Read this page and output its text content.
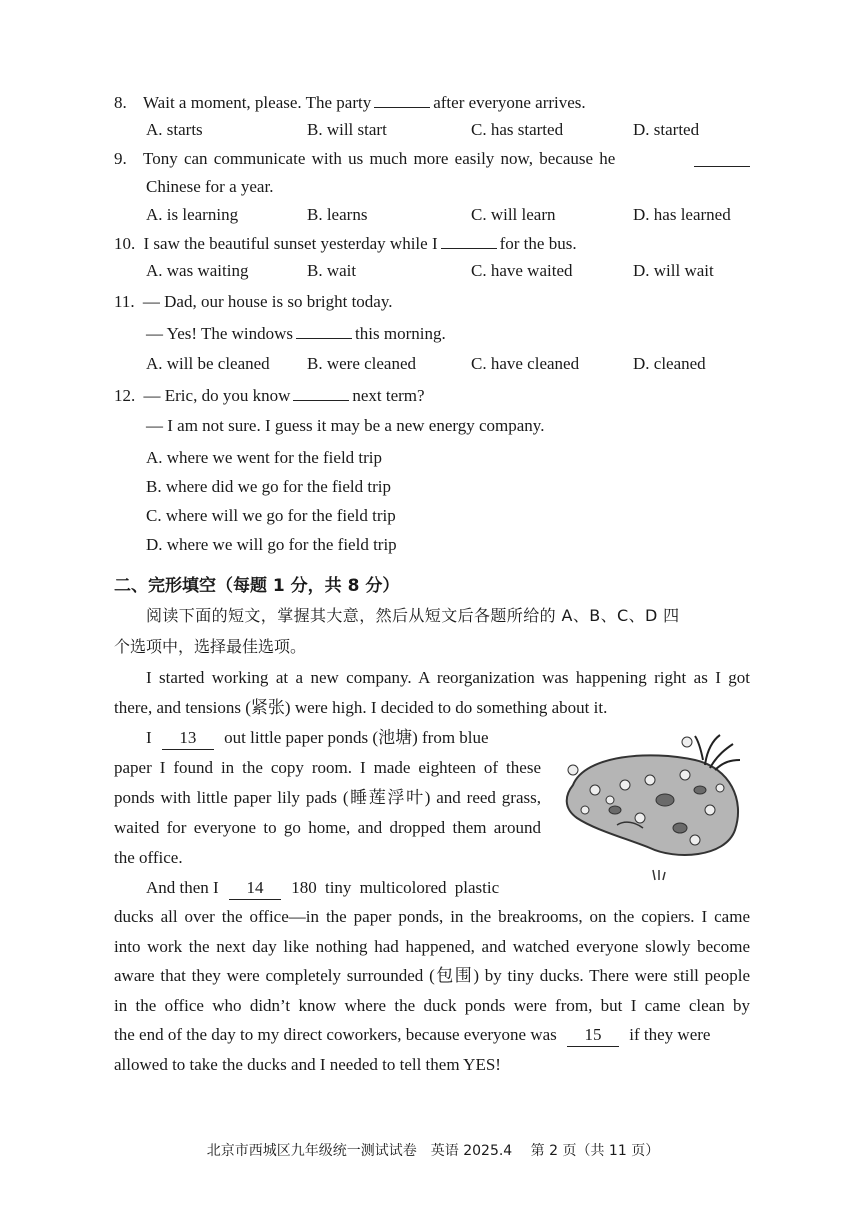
8. Wait a moment, please. The party	after everyone arrives.
A. starts	B. will start	C. has started	D. started
9. Tony can communicate with us much more easily now, because he
Chinese for a year.
A. is learning	B. learns	C. will learn	D. has learned
10. I saw the beautiful sunset yesterday while I	for the bus.
A. was waiting	B. wait	C. have waited	D. will wait
11. — Dad, our house is so bright today.
— Yes! The windows	this morning.
A. will be cleaned B. were cleaned	C. have cleaned	D. cleaned
12. — Eric, do you know	next term?
— I am not sure. I guess it may be a new energy company.
A. where we went for the field trip
B. where did we go for the field trip
C. where will we go for the field trip
D. where we will go for the field trip
二、完形填空（每题 1 分，共 8 分）
阅读下面的短文，掌握其大意，然后从短文后各题所给的 A、B、C、D 四
个选项中，选择最佳选项。
I started working at a new company. A reorganization was happening right as I got
there, and tensions (紧张) were high. I decided to do something about it.
I 13 out little paper ponds (池塘) from blue
paper I found in the copy room. I made eighteen of these
ponds with little paper lily pads (睡莲浮叶) and reed grass,
waited for everyone to go home, and dropped them around
the office.
And then I 14 180 tiny multicolored plastic
ducks all over the office—in the paper ponds, in the breakrooms, on the copiers. I came
into work the next day like nothing had happened, and watched everyone slowly become
aware that they were completely surrounded (包围) by tiny ducks. There were still people
in the office who didn’t know where the duck ponds were from, but I came clean by
the end of the day to my direct coworkers, because everyone was 15 if they were
allowed to take the ducks and I needed to tell them YES!
北京市西城区九年级统一测试试卷　英语 2025.4　 第 2 页（共 11 页）
